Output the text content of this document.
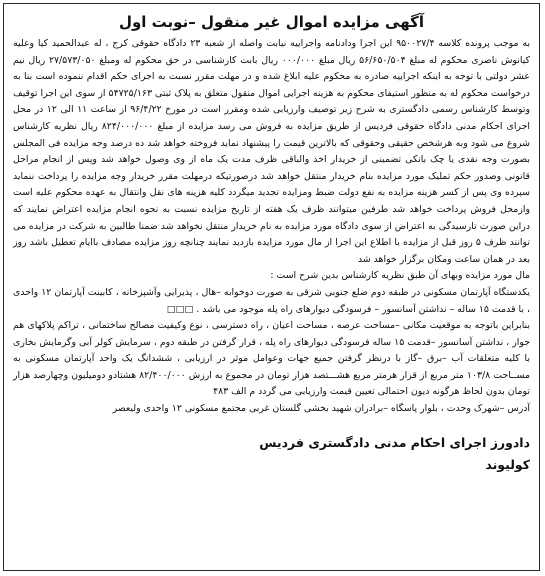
آگهی مزایده اموال غیر منقول –نوبت اول

به موجب پرونده کلاسه ۹۵۰۰۲۷/۴ این اجرا ودادنامه واجراییه نیابت واصله از شعبه ۲۳ دادگاه حقوقی کرج ، له عبدالحمید کیا وعلیه کیانوش ناصری محکوم له مبلغ ۵۶/۶۵۰/۵۰۴ ریال مبلغ ۰۰۰/۰۰۰ ریال بابت کارشناسی در حق محکوم له ومبلغ ۲۷/۵۷۳/۰۵۰ ریال نیم عشر دولتی با توجه به اینکه اجراییه صادره به محکوم علیه ابلاغ شده و در مهلت مقرر نسبت به اجرای حکم اقدام ننموده است بنا به درخواست محکوم له به منظور استیفای محکوم به هزینه اجرایی اموال منقول متعلق به پلاک ثبتی ۵۴۷۲۵/۱۶۳ از سوی این اجرا توقیف وتوسط کارشناس رسمی دادگستری به شرح زیر توصیف وارزیابی شده ومقرر است در مورخ ۹۶/۴/۲۲ از ساعت ۱۱ الی ۱۲ در محل اجرای احکام مدنی دادگاه حقوقی فردیس از طریق مزایده به فروش می رسد مزایده از مبلغ ۸۲۴/۰۰۰/۰۰۰ ریال نظریه کارشناس شروع می شود وبه هرشخص حقیقی وحقوقی که بالاترین قیمت را پیشنهاد نماید فروخته خواهد شد ده درصد وجه مزایده فی المجلس بصورت وجه نقدی یا چک بانکی تضمینی از خریدار اخذ والباقی ظرف مدت یک ماه از وی وصول خواهد شد وپس از انجام مراحل قانونی وصدور حکم تملیک مورد مزایده بنام خریدار منتقل خواهد شد درصورتیکه درمهلت مقرر خریدار وجه مزایده را پرداخت ننماید سپرده وی پس از کسر هزینه مزایده به نفع دولت ضبط ومزایده تجدید میگردد کلیه هزینه های نقل وانتقال به عهده محکوم علیه است وازمحل فروش پرداخت خواهد شد طرفین میتوانند ظرف یک هفته از تاریخ مزایده نسبت به نحوه انجام مزایده اعتراض نمایند که دراین صورت تارسیدگی به اعتراض از سوی دادگاه مورد مزایده به نام خریدار منتقل نخواهد شد ضمنا طالبین به شرکت در مزایده می توانند ظرف ۵ روز قبل از مزایده با اطلاع این اجرا از مال مورد مزایده بازدید نمایند چنانچه روز مزایده مصادف باایام تعطیل باشد روز بعد در همان ساعت ومکان برگزار خواهد شد

مال مورد مزایده وبهای آن طبق نظریه کارشناس بدین شرح است :

یکدستگاه آپارتمان مسکونی در طبقه دوم ضلع جنوبی شرقی به صورت دوخوابه –هال ، پذیرایی وآشپزخانه ، کابینت آپارتمان ۱۲ واحدی ، با قدمت ۱۵ ساله – نداشتن آسانسور – فرسودگی دیوارهای راه پله موجود می باشد . □□□

بنابراین باتوجه به موقعیت مکانی –مساحت عرصه ، مساحت اعیان ، راه دسترسی ، نوع وکیفیت مصالح ساختمانی ، تراکم پلاکهای هم جوار ، نداشتن آسانسور –قدمت ۱۵ ساله فرسودگی دیوارهای راه پله ، قرار گرفتن در طبقه دوم ، سرمایش کولر آبی وگرمایش بخاری با کلیه متعلقات آب –برق –گاز با درنظر گرفتن جمیع جهات وعوامل موثر در ارزیابی ، ششدانگ یک واحد آپارتمان مسکونی به مســاحت ۱۰۳/۸ متر مربع از قرار هرمتر مربع هشـــتصد هزار تومان در مجموع به ارزش ۸۲/۴۰۰/۰۰۰ هشتادو دومیلیون وچهارصد هزار تومان بدون لحاظ هرگونه دیون احتمالی تعیین قیمت وارزیابی می گردد م الف ۴۸۳

آدرس –شهرک وحدت ، بلوار پاسگاه –برادران شهید بخشی گلستان غربی مجتمع مسکونی ۱۲ واحدی ولیعصر

دادورز اجرای احکام مدنی دادگستری فردیس
کولیوند
